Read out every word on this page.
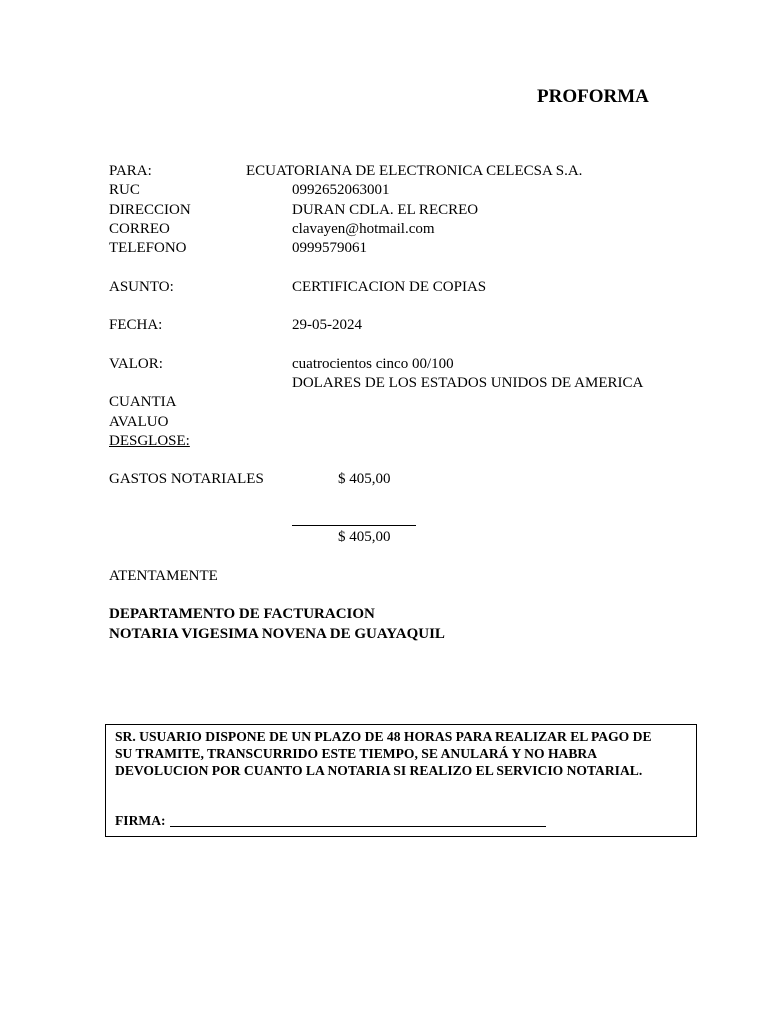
PROFORMA
PARA:	ECUATORIANA DE ELECTRONICA CELECSA S.A.
RUC	0992652063001
DIRECCION	DURAN CDLA. EL RECREO
CORREO	clavayen@hotmail.com
TELEFONO	0999579061
ASUNTO:	CERTIFICACION DE COPIAS
FECHA:	29-05-2024
VALOR:	cuatrocientos cinco 00/100
DOLARES DE LOS ESTADOS UNIDOS DE AMERICA
CUANTIA
AVALUO
DESGLOSE:
GASTOS NOTARIALES	$ 405,00
$ 405,00
ATENTAMENTE
DEPARTAMENTO DE FACTURACION
NOTARIA VIGESIMA NOVENA DE GUAYAQUIL
SR. USUARIO DISPONE DE UN PLAZO DE 48 HORAS PARA REALIZAR EL PAGO DE
SU TRAMITE, TRANSCURRIDO ESTE TIEMPO, SE ANULARÁ Y NO HABRA
DEVOLUCION POR CUANTO LA NOTARIA SI REALIZO EL SERVICIO NOTARIAL.
FIRMA:
